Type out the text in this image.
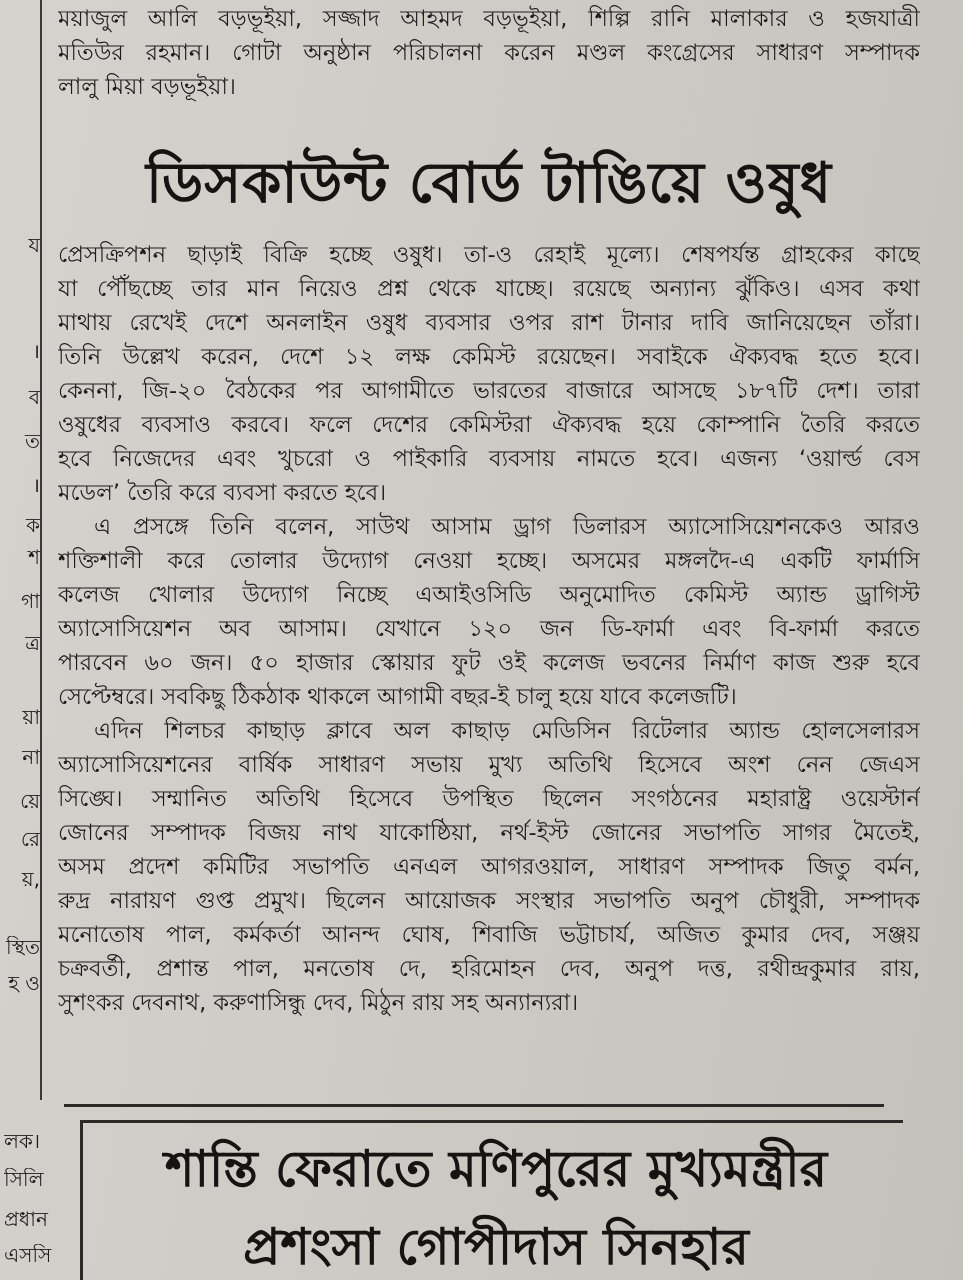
য
।
ব
ত
।
ক
শ
গা
ত্র
য়া
না
য়ে
রে
য়,
স্থিত
হ ও
লক।
সিলি
প্রধান
এসসি
ময়াজুল আলি বড়ভূইয়া, সজ্জাদ আহমদ বড়ভূইয়া, শিল্পি রানি মালাকার ও হজযাত্রী
মতিউর রহমান। গোটা অনুষ্ঠান পরিচালনা করেন মণ্ডল কংগ্রেসের সাধারণ সম্পাদক
লালু মিয়া বড়ভূইয়া।
ডিসকাউন্ট বোর্ড টাঙিয়ে ওষুধ
প্রেসক্রিপশন ছাড়াই বিক্রি হচ্ছে ওষুধ। তা-ও রেহাই মূল্যে। শেষপর্যন্ত গ্রাহকের কাছে
যা পৌঁছচ্ছে তার মান নিয়েও প্রশ্ন থেকে যাচ্ছে। রয়েছে অন্যান্য ঝুঁকিও। এসব কথা
মাথায় রেখেই দেশে অনলাইন ওষুধ ব্যবসার ওপর রাশ টানার দাবি জানিয়েছেন তাঁরা।
তিনি উল্লেখ করেন, দেশে ১২ লক্ষ কেমিস্ট রয়েছেন। সবাইকে ঐক্যবদ্ধ হতে হবে।
কেননা, জি-২০ বৈঠকের পর আগামীতে ভারতের বাজারে আসছে ১৮৭টি দেশ। তারা
ওষুধের ব্যবসাও করবে। ফলে দেশের কেমিস্টরা ঐক্যবদ্ধ হয়ে কোম্পানি তৈরি করতে
হবে নিজেদের এবং খুচরো ও পাইকারি ব্যবসায় নামতে হবে। এজন্য ‘ওয়ার্ল্ড বেস
মডেল’ তৈরি করে ব্যবসা করতে হবে।
এ প্রসঙ্গে তিনি বলেন, সাউথ আসাম ড্রাগ ডিলারস অ্যাসোসিয়েশনকেও আরও
শক্তিশালী করে তোলার উদ্যোগ নেওয়া হচ্ছে। অসমের মঙ্গলদৈ-এ একটি ফার্মাসি
কলেজ খোলার উদ্যোগ নিচ্ছে এআইওসিডি অনুমোদিত কেমিস্ট অ্যান্ড ড্রাগিস্ট
অ্যাসোসিয়েশন অব আসাম। যেখানে ১২০ জন ডি-ফার্মা এবং বি-ফার্মা করতে
পারবেন ৬০ জন। ৫০ হাজার স্কোয়ার ফুট ওই কলেজ ভবনের নির্মাণ কাজ শুরু হবে
সেপ্টেম্বরে। সবকিছু ঠিকঠাক থাকলে আগামী বছর-ই চালু হয়ে যাবে কলেজটি।
এদিন শিলচর কাছাড় ক্লাবে অল কাছাড় মেডিসিন রিটেলার অ্যান্ড হোলসেলারস
অ্যাসোসিয়েশনের বার্ষিক সাধারণ সভায় মুখ্য অতিথি হিসেবে অংশ নেন জেএস
সিঙ্ঘে। সম্মানিত অতিথি হিসেবে উপস্থিত ছিলেন সংগঠনের মহারাষ্ট্র ওয়েস্টার্ন
জোনের সম্পাদক বিজয় নাথ যাকোষ্ঠিয়া, নর্থ-ইস্ট জোনের সভাপতি সাগর মৈতেই,
অসম প্রদেশ কমিটির সভাপতি এনএল আগরওয়াল, সাধারণ সম্পাদক জিতু বর্মন,
রুদ্র নারায়ণ গুপ্ত প্রমুখ। ছিলেন আয়োজক সংস্থার সভাপতি অনুপ চৌধুরী, সম্পাদক
মনোতোষ পাল, কর্মকর্তা আনন্দ ঘোষ, শিবাজি ভট্টাচার্য, অজিত কুমার দেব, সঞ্জয়
চক্রবর্তী, প্রশান্ত পাল, মনতোষ দে, হরিমোহন দেব, অনুপ দত্ত, রথীন্দ্রকুমার রায়,
সুশংকর দেবনাথ, করুণাসিন্ধু দেব, মিঠুন রায় সহ অন্যান্যরা।
শান্তি ফেরাতে মণিপুরের মুখ্যমন্ত্রীর
প্রশংসা গোপীদাস সিনহার
